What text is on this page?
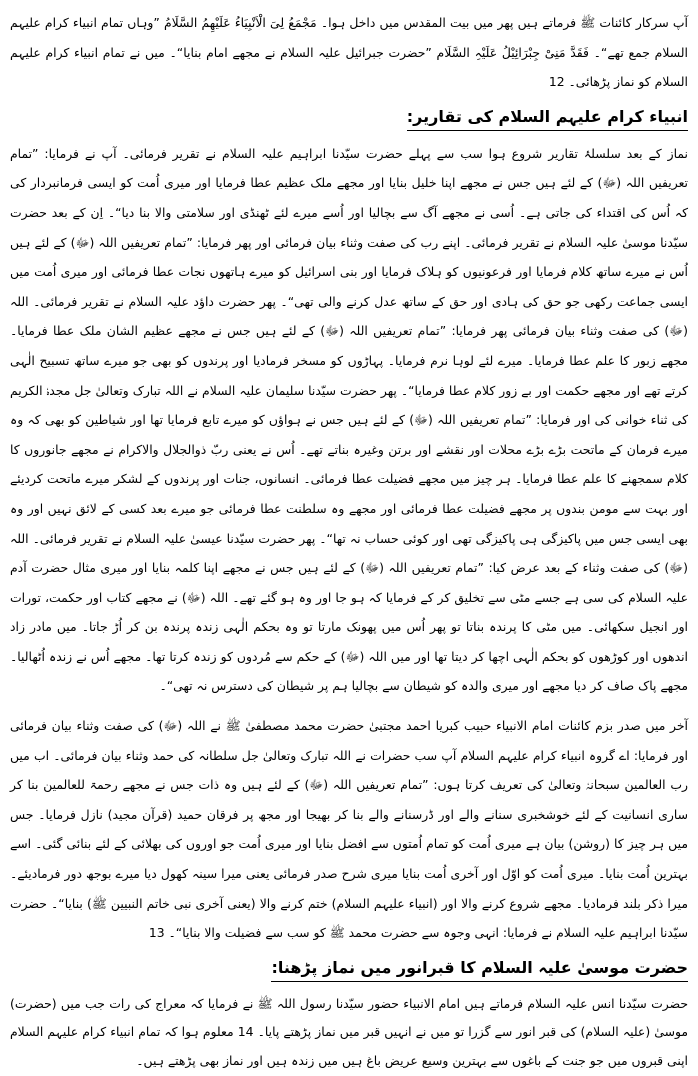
آپ سرکار کائنات ﷺ فرماتے ہیں پھر میں بیت المقدس میں داخل ہوا۔ مَجْمَعُ لِیَ الْاَنْبِیَاءُ عَلَیْھِمُ السَّلَامُ ”وہاں تمام انبیاء کرام علیہم السلام جمع تھے“۔ فَقَدَّ مَنِیْ جِبْرَائِیْلُ عَلَیْہِ السَّلَام ”حضرت جبرائیل علیہ السلام نے مجھے امام بنایا“۔ میں نے تمام انبیاء کرام علیہم السلام کو نماز پڑھائی۔ 12

انبیاء کرام علیہم السلام کی تقاریر:

نماز کے بعد سلسلۂ تقاریر شروع ہوا سب سے پہلے حضرت سیّدنا ابراہیم علیہ السلام نے تقریر فرمائی۔ آپ نے فرمایا: ”تمام تعریفیں اللہ (ﷻ) کے لئے ہیں جس نے مجھے اپنا خلیل بنایا اور مجھے ملک عظیم عطا فرمایا اور میری اُمت کو ایسی فرمانبردار کی کہ اُس کی اقتداء کی جاتی ہے۔ اُسی نے مجھے آگ سے بچالیا اور اُسے میرے لئے ٹھنڈی اور سلامتی والا بنا دیا“۔ اِن کے بعد حضرت سیّدنا موسیٰ علیہ السلام نے تقریر فرمائی۔ اپنے رب کی صفت وثناء بیان فرمائی اور پھر فرمایا: ”تمام تعریفیں اللہ (ﷻ) کے لئے ہیں اُس نے میرے ساتھ کلام فرمایا اور فرعونیوں کو ہلاک فرمایا اور بنی اسرائیل کو میرے ہاتھوں نجات عطا فرمائی اور میری اُمت میں ایسی جماعت رکھی جو حق کی ہادی اور حق کے ساتھ عدل کرنے والی تھی“۔ پھر حضرت داؤد علیہ السلام نے تقریر فرمائی۔ اللہ (ﷻ) کی صفت وثناء بیان فرمائی پھر فرمایا: ”تمام تعریفیں اللہ (ﷻ) کے لئے ہیں جس نے مجھے عظیم الشان ملک عطا فرمایا۔ مجھے زبور کا علم عطا فرمایا۔ میرے لئے لوہا نرم فرمایا۔ پہاڑوں کو مسخر فرمادیا اور پرندوں کو بھی جو میرے ساتھ تسبیح الٰہی کرتے تھے اور مجھے حکمت اور بے زور کلام عطا فرمایا“۔ پھر حضرت سیّدنا سلیمان علیہ السلام نے اللہ تبارک وتعالیٰ جل مجدہٗ الکریم کی ثناء خوانی کی اور فرمایا: ”تمام تعریفیں اللہ (ﷻ) کے لئے ہیں جس نے ہواؤں کو میرے تابع فرمایا تھا اور شیاطین کو بھی کہ وہ میرے فرمان کے ماتحت بڑے بڑے محلات اور نقشے اور برتن وغیرہ بناتے تھے۔ اُس نے یعنی ربّ ذوالجلال والاکرام نے مجھے جانوروں کا کلام سمجھنے کا علم عطا فرمایا۔ ہر چیز میں مجھے فضیلت عطا فرمائی۔ انسانوں، جنات اور پرندوں کے لشکر میرے ماتحت کردیئے اور بہت سے مومن بندوں پر مجھے فضیلت عطا فرمائی اور مجھے وہ سلطنت عطا فرمائی جو میرے بعد کسی کے لائق نہیں اور وہ بھی ایسی جس میں پاکیزگی ہی پاکیزگی تھی اور کوئی حساب نہ تھا“۔ پھر حضرت سیّدنا عیسیٰ علیہ السلام نے تقریر فرمائی۔ اللہ (ﷻ) کی صفت وثناء کے بعد عرض کیا: ”تمام تعریفیں اللہ (ﷻ) کے لئے ہیں جس نے مجھے اپنا کلمہ بنایا اور میری مثال حضرت آدم علیہ السلام کی سی ہے جسے مٹی سے تخلیق کر کے فرمایا کہ ہو جا اور وہ ہو گئے تھے۔ اللہ (ﷻ) نے مجھے کتاب اور حکمت، تورات اور انجیل سکھائی۔ میں مٹی کا پرندہ بناتا تو پھر اُس میں پھونک مارتا تو وہ بحکم الٰہی زندہ پرندہ بن کر اُڑ جاتا۔ میں مادر زاد اندھوں اور کوڑھوں کو بحکم الٰہی اچھا کر دیتا تھا اور میں اللہ (ﷻ) کے حکم سے مُردوں کو زندہ کرتا تھا۔ مجھے اُس نے زندہ اُٹھالیا۔ مجھے پاک صاف کر دیا مجھے اور میری والدہ کو شیطان سے بچالیا ہم پر شیطان کی دسترس نہ تھی“۔

آخر میں صدر بزم کائنات امام الانبیاء حبیب کبریا احمد مجتبیٰ حضرت محمد مصطفیٰ ﷺ نے اللہ (ﷻ) کی صفت وثناء بیان فرمائی اور فرمایا: اے گروہ انبیاء کرام علیہم السلام آپ سب حضرات نے اللہ تبارک وتعالیٰ جل سلطانہ کی حمد وثناء بیان فرمائی۔ اب میں رب العالمین سبحانہٗ وتعالیٰ کی تعریف کرتا ہوں: ”تمام تعریفیں اللہ (ﷻ) کے لئے ہیں وہ ذات جس نے مجھے رحمۃ للعالمین بنا کر ساری انسانیت کے لئے خوشخبری سنانے والے اور ڈرسنانے والے بنا کر بھیجا اور مجھ پر فرقان حمید (قرآن مجید) نازل فرمایا۔ جس میں ہر چیز کا (روشن) بیان ہے میری اُمت کو تمام اُمتوں سے افضل بنایا اور میری اُمت جو اوروں کی بھلائی کے لئے بنائی گئی۔ اسے بہترین اُمت بنایا۔ میری اُمت کو اوّل اور آخری اُمت بنایا میری شرح صدر فرمائی یعنی میرا سینہ کھول دیا میرے بوجھ دور فرمادیئے۔ میرا ذکر بلند فرمادیا۔ مجھے شروع کرنے والا اور (انبیاء علیہم السلام) ختم کرنے والا (یعنی آخری نبی خاتم النبیین ﷺ) بنایا“۔ حضرت سیّدنا ابراہیم علیہ السلام نے فرمایا: انہی وجوہ سے حضرت محمد ﷺ کو سب سے فضیلت والا بنایا“۔ 13

حضرت موسیٰ علیہ السلام کا قبرانور میں نماز پڑھنا:

حضرت سیّدنا انس علیہ السلام فرماتے ہیں امام الانبیاء حضور سیّدنا رسول اللہ ﷺ نے فرمایا کہ معراج کی رات جب میں (حضرت) موسیٰ (علیہ السلام) کی قبر انور سے گزرا تو میں نے انہیں قبر میں نماز پڑھتے پایا۔ 14 معلوم ہوا کہ تمام انبیاء کرام علیہم السلام اپنی قبروں میں جو جنت کے باغوں سے بہترین وسیع عریض باغ ہیں میں زندہ ہیں اور نماز بھی پڑھتے ہیں۔
